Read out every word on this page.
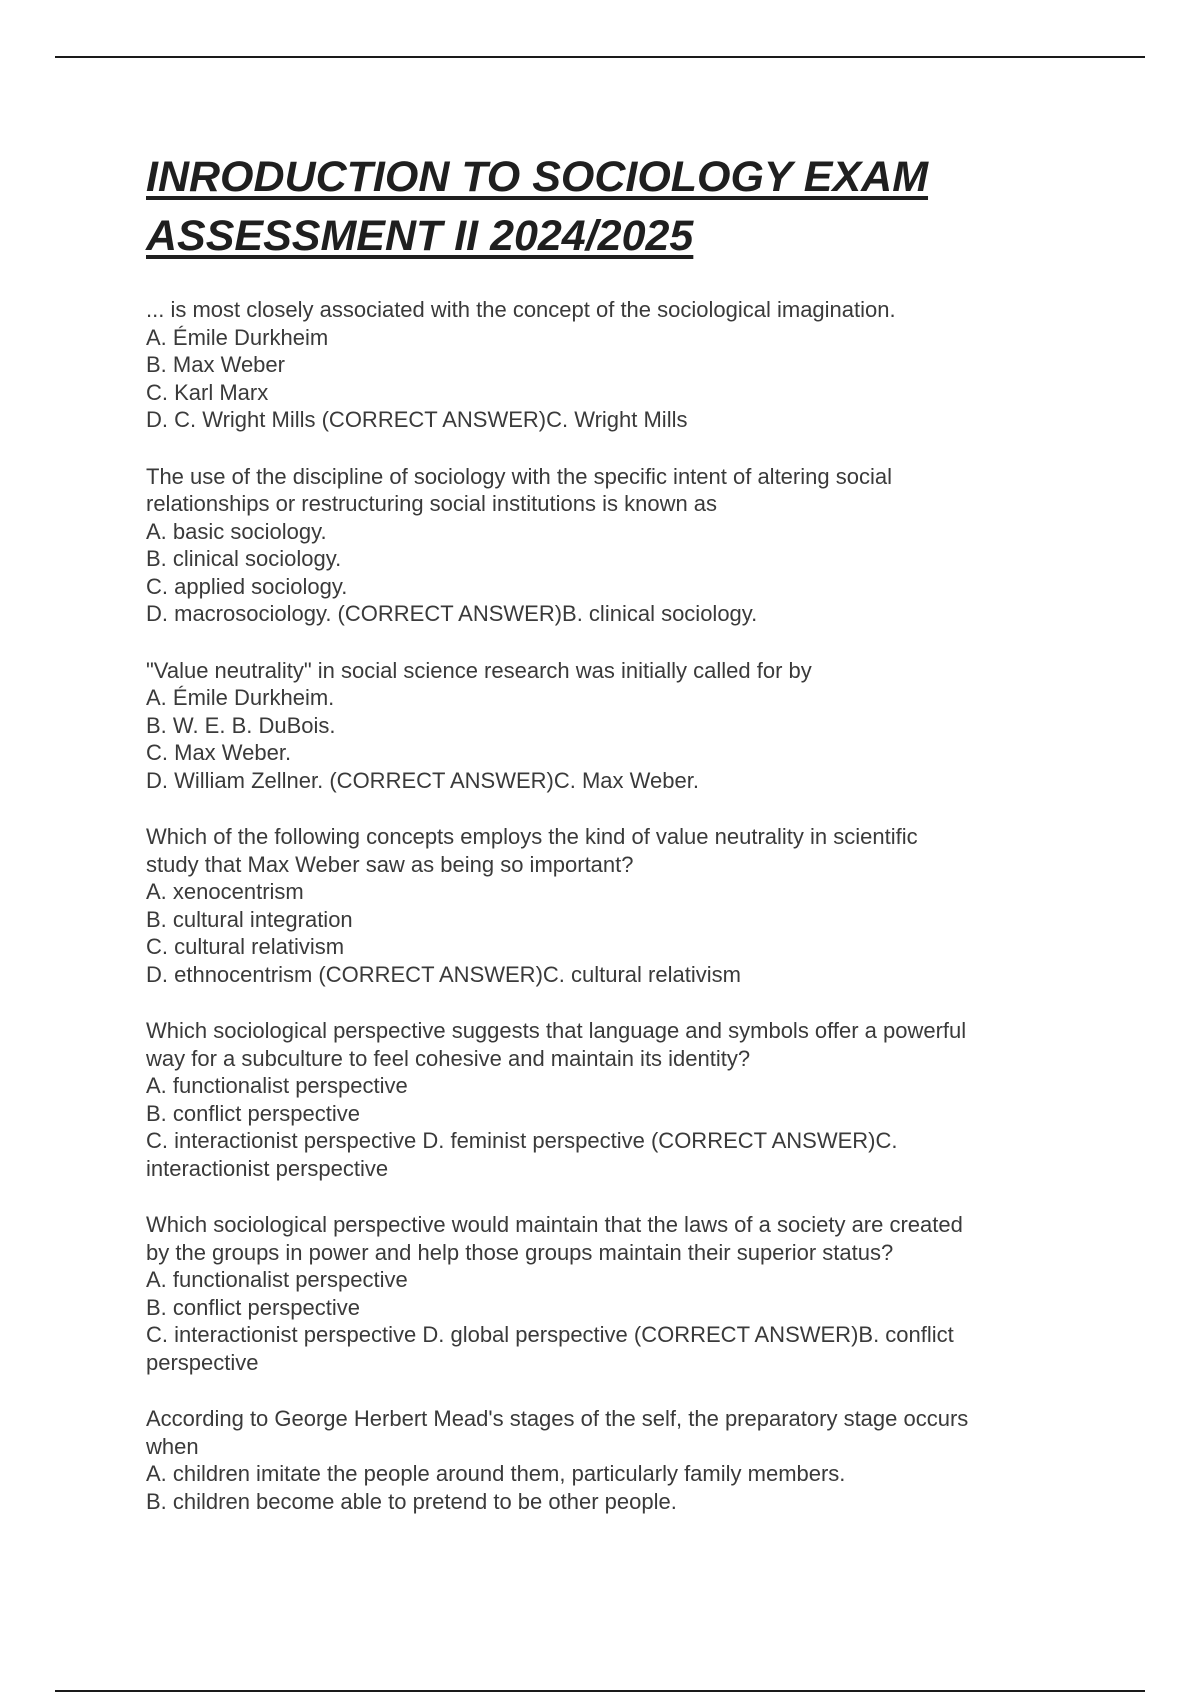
INRODUCTION TO SOCIOLOGY EXAM
ASSESSMENT II 2024/2025
... is most closely associated with the concept of the sociological imagination.
A. Émile Durkheim
B. Max Weber
C. Karl Marx
D. C. Wright Mills (CORRECT ANSWER)C. Wright Mills
The use of the discipline of sociology with the specific intent of altering social
relationships or restructuring social institutions is known as
A. basic sociology.
B. clinical sociology.
C. applied sociology.
D. macrosociology. (CORRECT ANSWER)B. clinical sociology.
"Value neutrality" in social science research was initially called for by
A. Émile Durkheim.
B. W. E. B. DuBois.
C. Max Weber.
D. William Zellner. (CORRECT ANSWER)C. Max Weber.
Which of the following concepts employs the kind of value neutrality in scientific
study that Max Weber saw as being so important?
A. xenocentrism
B. cultural integration
C. cultural relativism
D. ethnocentrism (CORRECT ANSWER)C. cultural relativism
Which sociological perspective suggests that language and symbols offer a powerful
way for a subculture to feel cohesive and maintain its identity?
A. functionalist perspective
B. conflict perspective
C. interactionist perspective D. feminist perspective (CORRECT ANSWER)C.
interactionist perspective
Which sociological perspective would maintain that the laws of a society are created
by the groups in power and help those groups maintain their superior status?
A. functionalist perspective
B. conflict perspective
C. interactionist perspective D. global perspective (CORRECT ANSWER)B. conflict
perspective
According to George Herbert Mead's stages of the self, the preparatory stage occurs
when
A. children imitate the people around them, particularly family members.
B. children become able to pretend to be other people.
